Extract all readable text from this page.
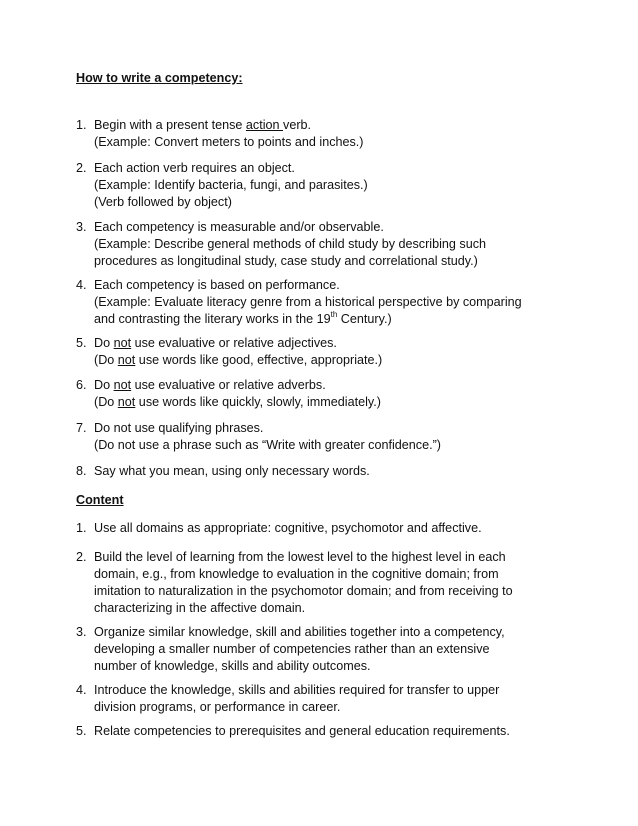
How to write a competency:
1. Begin with a present tense action verb.
(Example: Convert meters to points and inches.)
2. Each action verb requires an object.
(Example: Identify bacteria, fungi, and parasites.)
(Verb followed by object)
3. Each competency is measurable and/or observable.
(Example: Describe general methods of child study by describing such
procedures as longitudinal study, case study and correlational study.)
4. Each competency is based on performance.
(Example: Evaluate literacy genre from a historical perspective by comparing
and contrasting the literary works in the 19th Century.)
5. Do not use evaluative or relative adjectives.
(Do not use words like good, effective, appropriate.)
6. Do not use evaluative or relative adverbs.
(Do not use words like quickly, slowly, immediately.)
7. Do not use qualifying phrases.
(Do not use a phrase such as “Write with greater confidence.”)
8. Say what you mean, using only necessary words.
Content
1. Use all domains as appropriate: cognitive, psychomotor and affective.
2. Build the level of learning from the lowest level to the highest level in each
domain, e.g., from knowledge to evaluation in the cognitive domain; from
imitation to naturalization in the psychomotor domain; and from receiving to
characterizing in the affective domain.
3. Organize similar knowledge, skill and abilities together into a competency,
developing a smaller number of competencies rather than an extensive
number of knowledge, skills and ability outcomes.
4. Introduce the knowledge, skills and abilities required for transfer to upper
division programs, or performance in career.
5. Relate competencies to prerequisites and general education requirements.
